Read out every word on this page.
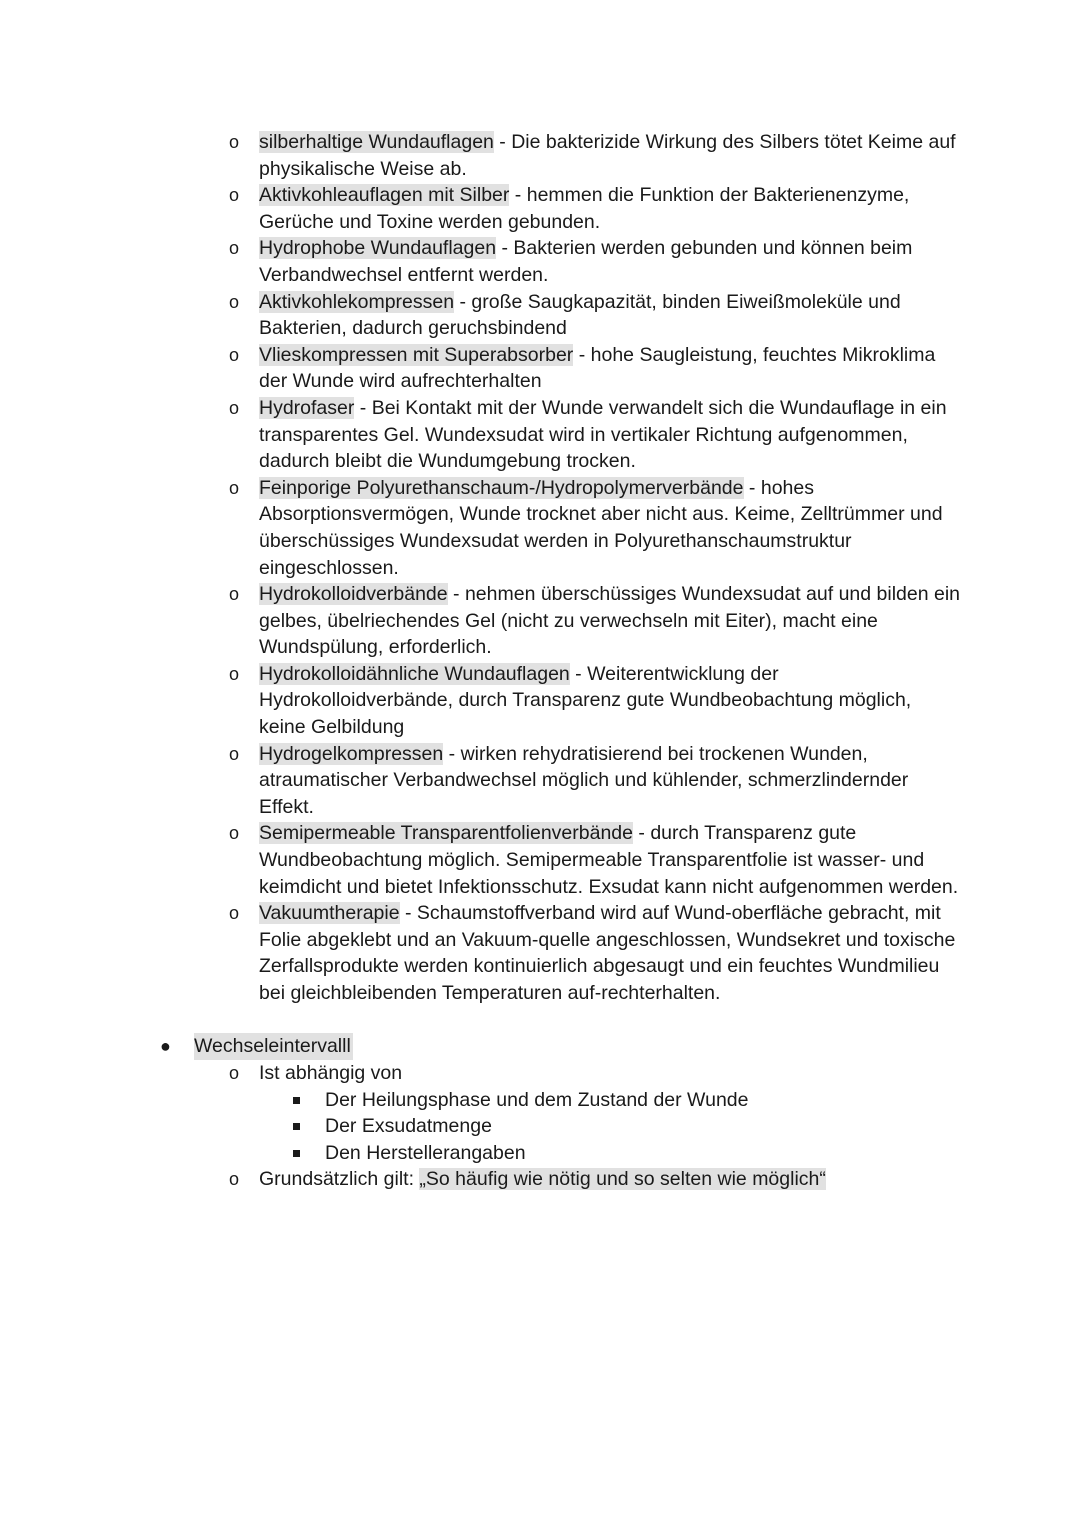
o silberhaltige Wundauflagen - Die bakterizide Wirkung des Silbers tötet Keime auf physikalische Weise ab.
o Aktivkohleauflagen mit Silber - hemmen die Funktion der Bakterienenzyme, Gerüche und Toxine werden gebunden.
o Hydrophobe Wundauflagen - Bakterien werden gebunden und können beim Verbandwechsel entfernt werden.
o Aktivkohlekompressen - große Saugkapazität, binden Eiweißmoleküle und Bakterien, dadurch geruchsbindend
o Vlieskompressen mit Superabsorber - hohe Saugleistung, feuchtes Mikroklima der Wunde wird aufrechterhalten
o Hydrofaser - Bei Kontakt mit der Wunde verwandelt sich die Wundauflage in ein transparentes Gel. Wundexsudat wird in vertikaler Richtung aufgenommen, dadurch bleibt die Wundumgebung trocken.
o Feinporige Polyurethanschaum-/Hydropolymerverbände - hohes Absorptionsvermögen, Wunde trocknet aber nicht aus. Keime, Zelltrümmer und überschüssiges Wundexsudat werden in Polyurethanschaumstruktur eingeschlossen.
o Hydrokolloidverbände - nehmen überschüssiges Wundexsudat auf und bilden ein gelbes, übelriechendes Gel (nicht zu verwechseln mit Eiter), macht eine Wundspülung, erforderlich.
o Hydrokolloidähnliche Wundauflagen - Weiterentwicklung der Hydrokolloidverbände, durch Transparenz gute Wundbeobachtung möglich, keine Gelbildung
o Hydrogelkompressen - wirken rehydratisierend bei trockenen Wunden, atraumatischer Verbandwechsel möglich und kühlender, schmerzlindernder Effekt.
o Semipermeable Transparentfolienverbände - durch Transparenz gute Wundbeobachtung möglich. Semipermeable Transparentfolie ist wasser- und keimdicht und bietet Infektionsschutz. Exsudat kann nicht aufgenommen werden.
o Vakuumtherapie - Schaumstoffverband wird auf Wund-oberfläche gebracht, mit Folie abgeklebt und an Vakuum-quelle angeschlossen, Wundsekret und toxische Zerfallsprodukte werden kontinuierlich abgesaugt und ein feuchtes Wundmilieu bei gleichbleibenden Temperaturen auf-rechterhalten.
● Wechseleintervalll
o Ist abhängig von
Der Heilungsphase und dem Zustand der Wunde
Der Exsudatmenge
Den Herstellerangaben
o Grundsätzlich gilt: „So häufig wie nötig und so selten wie möglich“
